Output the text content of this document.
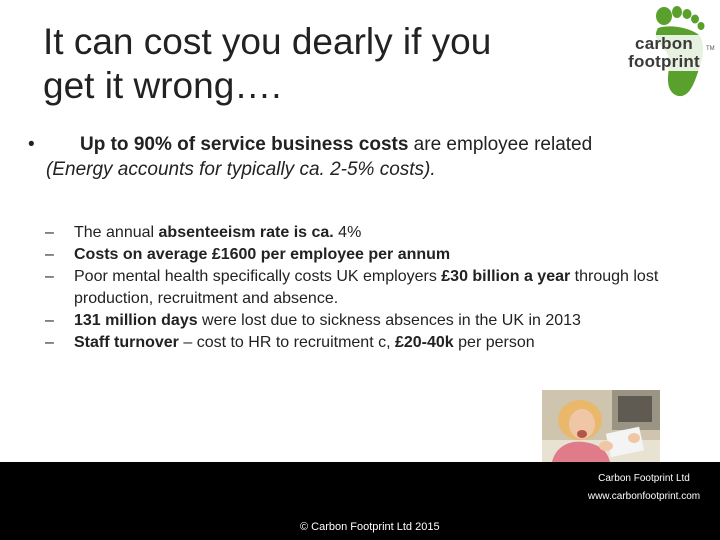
It can cost you dearly if you
get it wrong….
carbon
footprint
TM
•	Up to 90% of service business costs are employee related
(Energy accounts for typically ca. 2-5% costs).
– The annual absenteeism rate is ca. 4%
– Costs on average £1600 per employee per annum
– Poor mental health specifically costs UK employers £30 billion a year through lost production, recruitment and absence.
– 131 million days were lost due to sickness absences in the UK in 2013
– Staff turnover – cost to HR to recruitment c, £20-40k per person
© Carbon Footprint Ltd 2015
Carbon Footprint Ltd
www.carbonfootprint.com
